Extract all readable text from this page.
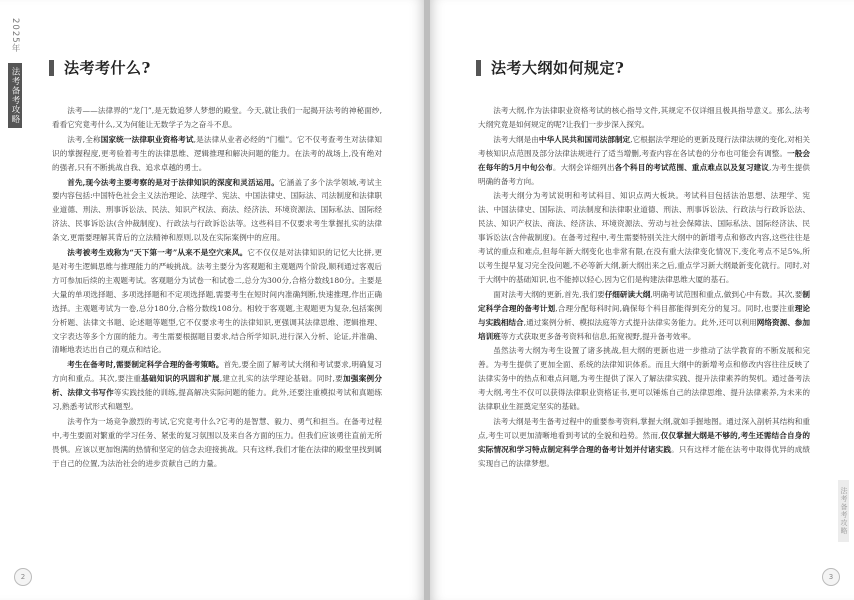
2025年 法考备考攻略	法考考什么?

法考——法律界的“龙门”,是无数追梦人梦想的殿堂。今天,就让我们一起揭开法考的神秘面纱,看看它究竟考什么,又为何能让无数学子为之奋斗不息。

法考,全称国家统一法律职业资格考试,是法律从业者必经的“门槛”。它不仅考查考生对法律知识的掌握程度,更考验着考生的法律思维、逻辑推理和解决问题的能力。在法考的战场上,没有绝对的强者,只有不断挑战自我、追求卓越的勇士。

首先,现今法考主要考察的是对于法律知识的深度和灵活运用。它涵盖了多个法学领域,考试主要内容包括:中国特色社会主义法治理论、法理学、宪法、中国法律史、国际法、司法制度和法律职业道德、刑法、刑事诉讼法、民法、知识产权法、商法、经济法、环境资源法、国际私法、国际经济法、民事诉讼法(含仲裁制度)、行政法与行政诉讼法等。这些科目不仅要求考生掌握扎实的法律条文,更需要理解其背后的立法精神和原则,以及在实际案例中的应用。

法考被考生戏称为“天下第一考”从来不是空穴来风。它不仅仅是对法律知识的记忆大比拼,更是对考生逻辑思维与推理能力的严峻挑战。法考主要分为客观题和主观题两个阶段,顺利通过客观后方可参加后续的主观题考试。客观题分为试卷一和试卷二,总分为300分,合格分数线180分。主要是大量的单项选择题、多项选择题和不定项选择题,需要考生在短时间内准确判断,快速推理,作出正确选择。主观题考试为一卷,总分180分,合格分数线108分。相较于客观题,主观题更为复杂,包括案例分析题、法律文书题、论述题等题型,它不仅要求考生的法律知识,更强调其法律思维、逻辑推理、文字表达等多个方面的能力。考生需要根据题目要求,结合所学知识,进行深入分析、论证,并准确、清晰地表达出自己的观点和结论。

考生在备考时,需要制定科学合理的备考策略。首先,要全面了解考试大纲和考试要求,明确复习方向和重点。其次,要注重基础知识的巩固和扩展,建立扎实的法学理论基础。同时,要加强案例分析、法律文书写作等实践技能的训练,提高解决实际问题的能力。此外,还要注重模拟考试和真题练习,熟悉考试形式和题型。

法考作为一场竞争激烈的考试,它究竟考什么?它考的是智慧、毅力、勇气和担当。在备考过程中,考生要面对繁重的学习任务、紧张的复习氛围以及来自各方面的压力。但我们应该勇往直前无所畏惧。应该以更加饱满的热情和坚定的信念去迎接挑战。只有这样,我们才能在法律的殿堂里找到属于自己的位置,为法治社会的进步贡献自己的力量。

2
法考大纲如何规定?

法考大纲,作为法律职业资格考试的核心指导文件,其规定不仅详细且极具指导意义。那么,法考大纲究竟是如何规定的呢?让我们一步步深入探究。

法考大纲是由中华人民共和国司法部制定,它根据法学理论的更新及现行法律法规的变化,对相关考核知识点范围及部分法律法规进行了适当增删,考查内容在各试卷的分布也可能会有调整。一般会在每年的5月中旬公布。大纲会详细列出各个科目的考试范围、重点难点以及复习建议,为考生提供明确的备考方向。

法考大纲分为考试说明和考试科目、知识点两大板块。考试科目包括法治思想、法理学、宪法、中国法律史、国际法、司法制度和法律职业道德、刑法、刑事诉讼法、行政法与行政诉讼法、民法、知识产权法、商法、经济法、环境资源法、劳动与社会保障法、国际私法、国际经济法、民事诉讼法(含仲裁制度)。在备考过程中,考生需要特别关注大纲中的新增考点和修改内容,这些往往是考试的重点和难点,但每年新大纲变化也非常有限,在没有重大法律变化情况下,变化考点不足5%,所以考生提早复习完全没问题,不必等新大纲,新大纲出来之后,重点学习新大纲最新变化就行。同时,对于大纲中的基础知识,也不能掉以轻心,因为它们是构建法律思维大厦的基石。

面对法考大纲的更新,首先,我们要仔细研读大纲,明确考试范围和重点,做到心中有数。其次,要制定科学合理的备考计划,合理分配每科时间,确保每个科目都能得到充分的复习。同时,也要注重理论与实践相结合,通过案例分析、模拟法庭等方式提升法律实务能力。此外,还可以利用网络资源、参加培训班等方式获取更多备考资料和信息,拓宽视野,提升备考效率。

虽然法考大纲为考生设置了诸多挑战,但大纲的更新也进一步推动了法学教育的不断发展和完善。为考生提供了更加全面、系统的法律知识体系。而且大纲中的新增考点和修改内容往往反映了法律实务中的热点和难点问题,为考生提供了深入了解法律实践、提升法律素养的契机。通过备考法考大纲,考生不仅可以获得法律职业资格证书,更可以锤炼自己的法律思维、提升法律素养,为未来的法律职业生涯奠定坚实的基础。

法考大纲是考生备考过程中的重要参考资料,掌握大纲,就如手握地图。通过深入剖析其结构和重点,考生可以更加清晰地看到考试的全貌和趋势。然而,仅仅掌握大纲是不够的,考生还需结合自身的实际情况和学习特点制定科学合理的备考计划并付诸实践。只有这样才能在法考中取得优异的成绩实现自己的法律梦想。

法考备考攻略
3
